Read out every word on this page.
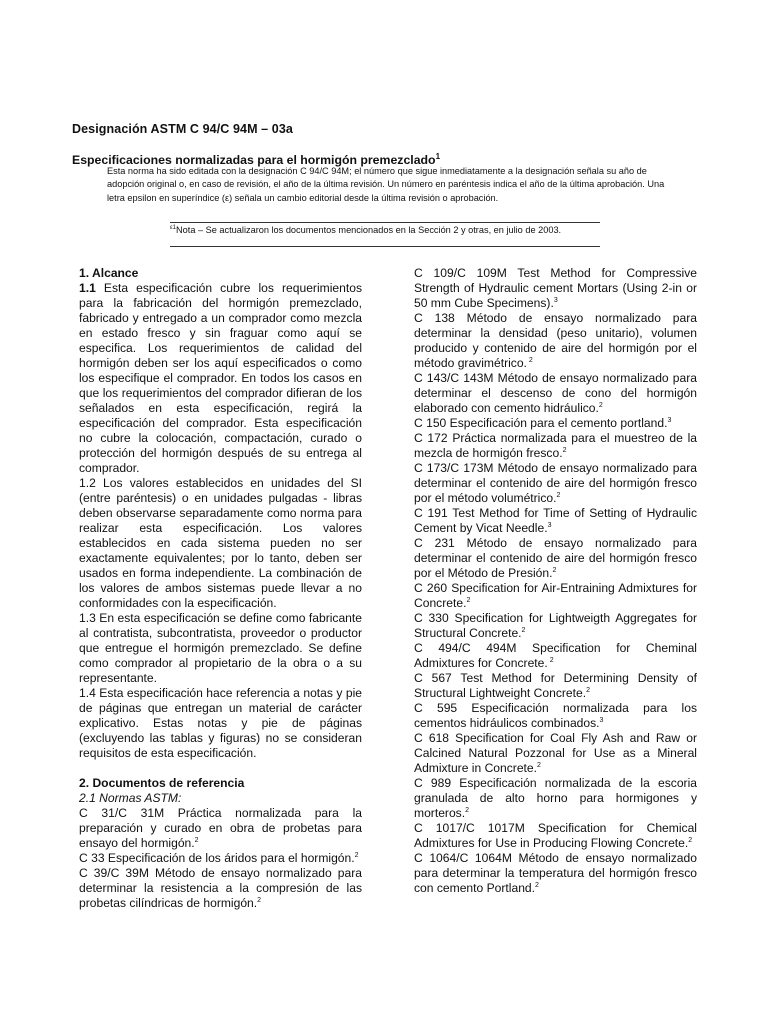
Designación ASTM C 94/C 94M – 03a
Especificaciones normalizadas para el hormigón premezclado$^1$
Esta norma ha sido editada con la designación C 94/C 94M; el número que sigue inmediatamente a la designación señala su año de adopción original o, en caso de revisión, el año de la última revisión. Un número en paréntesis indica el año de la última aprobación. Una letra epsilon en superíndice (ε) señala un cambio editorial desde la última revisión o aprobación.
$^{\varepsilon 1}$Nota – Se actualizaron los documentos mencionados en la Sección 2 y otras, en julio de 2003.

1. Alcance

1.1 Esta especificación cubre los requerimientos para la fabricación del hormigón premezclado, fabricado y entregado a un comprador como mezcla en estado fresco y sin fraguar como aquí se especifica. Los requerimientos de calidad del hormigón deben ser los aquí especificados o como los especifique el comprador. En todos los casos en que los requerimientos del comprador difieran de los señalados en esta especificación, regirá la especificación del comprador. Esta especificación no cubre la colocación, compactación, curado o protección del hormigón después de su entrega al comprador.

1.2 Los valores establecidos en unidades del SI (entre paréntesis) o en unidades pulgadas - libras deben observarse separadamente como norma para realizar esta especificación. Los valores establecidos en cada sistema pueden no ser exactamente equivalentes; por lo tanto, deben ser usados en forma independiente. La combinación de los valores de ambos sistemas puede llevar a no conformidades con la especificación.

1.3 En esta especificación se define como fabricante al contratista, subcontratista, proveedor o productor que entregue el hormigón premezclado. Se define como comprador al propietario de la obra o a su representante.

1.4 Esta especificación hace referencia a notas y pie de páginas que entregan un material de carácter explicativo. Estas notas y pie de páginas (excluyendo las tablas y figuras) no se consideran requisitos de esta especificación.

2. Documentos de referencia

2.1 Normas ASTM:

C 31/C 31M Práctica normalizada para la preparación y curado en obra de probetas para ensayo del hormigón.$^2$

C 33 Especificación de los áridos para el hormigón.$^2$

C 39/C 39M Método de ensayo normalizado para determinar la resistencia a la compresión de las probetas cilíndricas de hormigón.$^2$

C 109/C 109M Test Method for Compressive Strength of Hydraulic cement Mortars (Using 2-in or 50 mm Cube Specimens).$^3$

C 138 Método de ensayo normalizado para determinar la densidad (peso unitario), volumen producido y contenido de aire del hormigón por el método gravimétrico. $^2$

C 143/C 143M Método de ensayo normalizado para determinar el descenso de cono del hormigón elaborado con cemento hidráulico.$^2$

C 150 Especificación para el cemento portland.$^3$

C 172 Práctica normalizada para el muestreo de la mezcla de hormigón fresco.$^2$

C 173/C 173M Método de ensayo normalizado para determinar el contenido de aire del hormigón fresco por el método volumétrico.$^2$

C 191 Test Method for Time of Setting of Hydraulic Cement by Vicat Needle.$^3$

C 231 Método de ensayo normalizado para determinar el contenido de aire del hormigón fresco por el Método de Presión.$^2$

C 260 Specification for Air-Entraining Admixtures for Concrete.$^2$

C 330 Specification for Lightweigth Aggregates for Structural Concrete.$^2$

C 494/C 494M Specification for Cheminal Admixtures for Concrete. $^2$

C 567 Test Method for Determining Density of Structural Lightweight Concrete.$^2$

C 595 Especificación normalizada para los cementos hidráulicos combinados.$^3$

C 618 Specification for Coal Fly Ash and Raw or Calcined Natural Pozzonal for Use as a Mineral Admixture in Concrete.$^2$

C 989 Especificación normalizada de la escoria granulada de alto horno para hormigones y morteros.$^2$

C 1017/C 1017M Specification for Chemical Admixtures for Use in Producing Flowing Concrete.$^2$

C 1064/C 1064M Método de ensayo normalizado para determinar la temperatura del hormigón fresco con cemento Portland.$^2$
